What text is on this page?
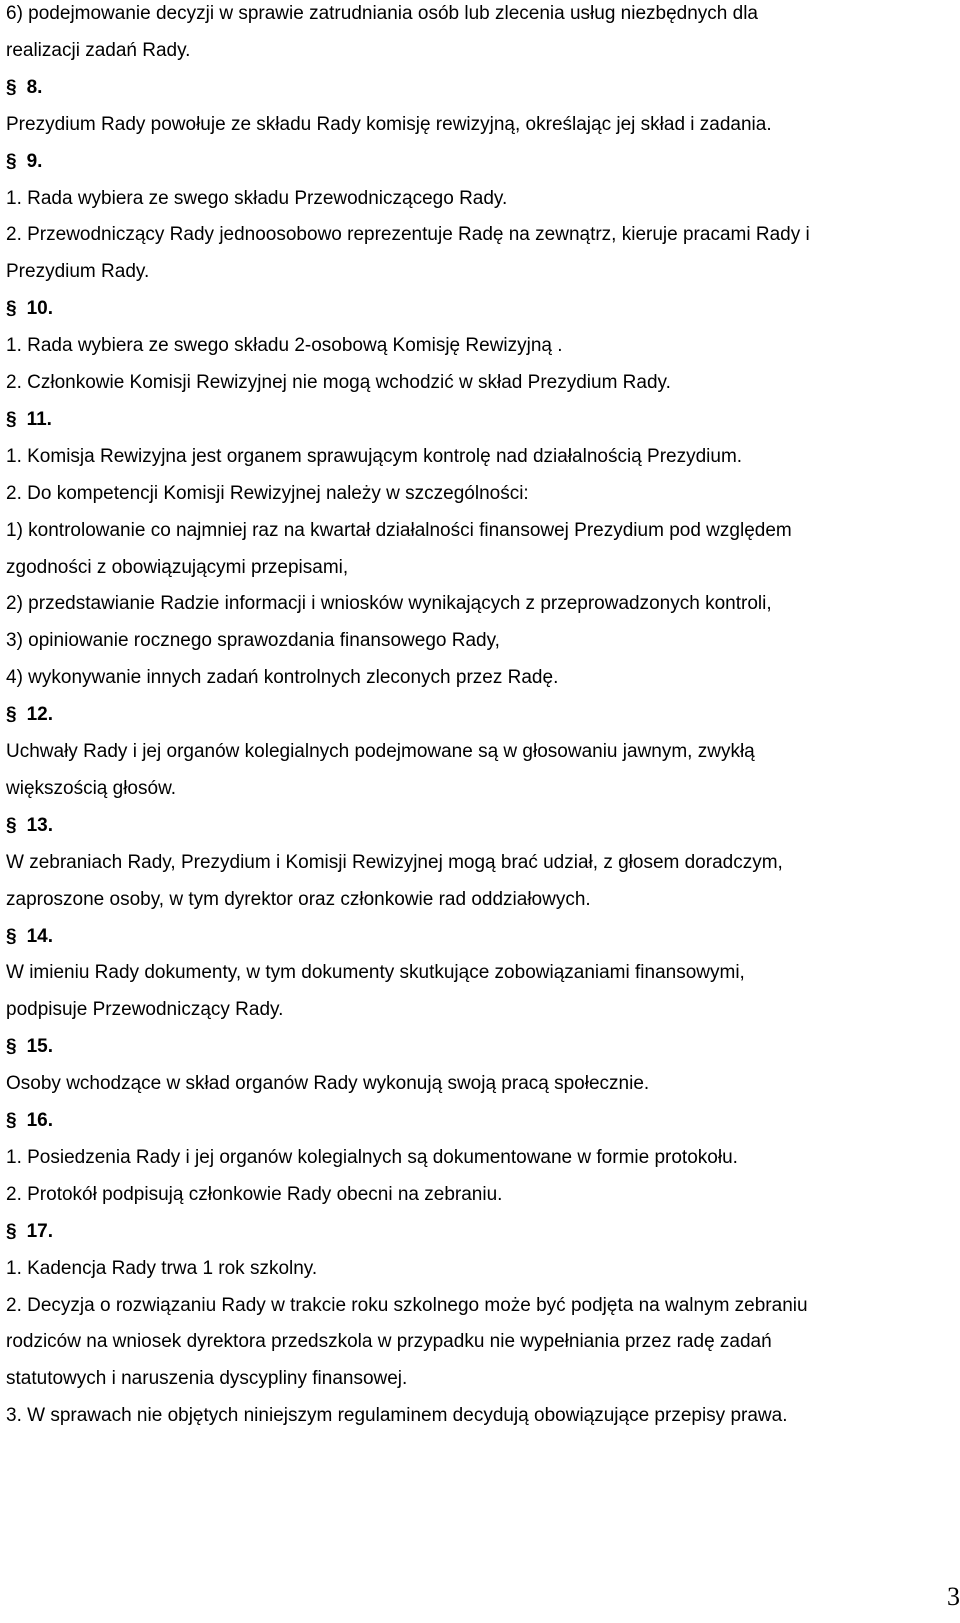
6) podejmowanie decyzji w sprawie zatrudniania osób lub zlecenia usług niezbędnych dla
realizacji zadań Rady.
§ 8.
Prezydium Rady powołuje ze składu Rady komisję rewizyjną, określając jej skład i zadania.
§ 9.
1. Rada wybiera ze swego składu Przewodniczącego Rady.
2. Przewodniczący Rady jednoosobowo reprezentuje Radę na zewnątrz, kieruje pracami Rady i
Prezydium Rady.
§ 10.
1. Rada wybiera ze swego składu 2-osobową Komisję Rewizyjną .
2. Członkowie Komisji Rewizyjnej nie mogą wchodzić w skład Prezydium Rady.
§ 11.
1. Komisja Rewizyjna jest organem sprawującym kontrolę nad działalnością Prezydium.
2. Do kompetencji Komisji Rewizyjnej należy w szczególności:
1) kontrolowanie co najmniej raz na kwartał działalności finansowej Prezydium pod względem
zgodności z obowiązującymi przepisami,
2) przedstawianie Radzie informacji i wniosków wynikających z przeprowadzonych kontroli,
3) opiniowanie rocznego sprawozdania finansowego Rady,
4) wykonywanie innych zadań kontrolnych zleconych przez Radę.
§ 12.
Uchwały Rady i jej organów kolegialnych podejmowane są w głosowaniu jawnym, zwykłą
większością głosów.
§ 13.
W zebraniach Rady, Prezydium i Komisji Rewizyjnej mogą brać udział, z głosem doradczym,
zaproszone osoby, w tym dyrektor oraz członkowie rad oddziałowych.
§ 14.
W imieniu Rady dokumenty, w tym dokumenty skutkujące zobowiązaniami finansowymi,
podpisuje Przewodniczący Rady.
§ 15.
Osoby wchodzące w skład organów Rady wykonują swoją pracą społecznie.
§ 16.
1. Posiedzenia Rady i jej organów kolegialnych są dokumentowane w formie protokołu.
2. Protokół podpisują członkowie Rady obecni na zebraniu.
§ 17.
1. Kadencja Rady trwa 1 rok szkolny.
2. Decyzja o rozwiązaniu Rady w trakcie roku szkolnego może być podjęta na walnym zebraniu
rodziców na wniosek dyrektora przedszkola w przypadku nie wypełniania przez radę zadań
statutowych i naruszenia dyscypliny finansowej.
3. W sprawach nie objętych niniejszym regulaminem decydują obowiązujące przepisy prawa.
3
